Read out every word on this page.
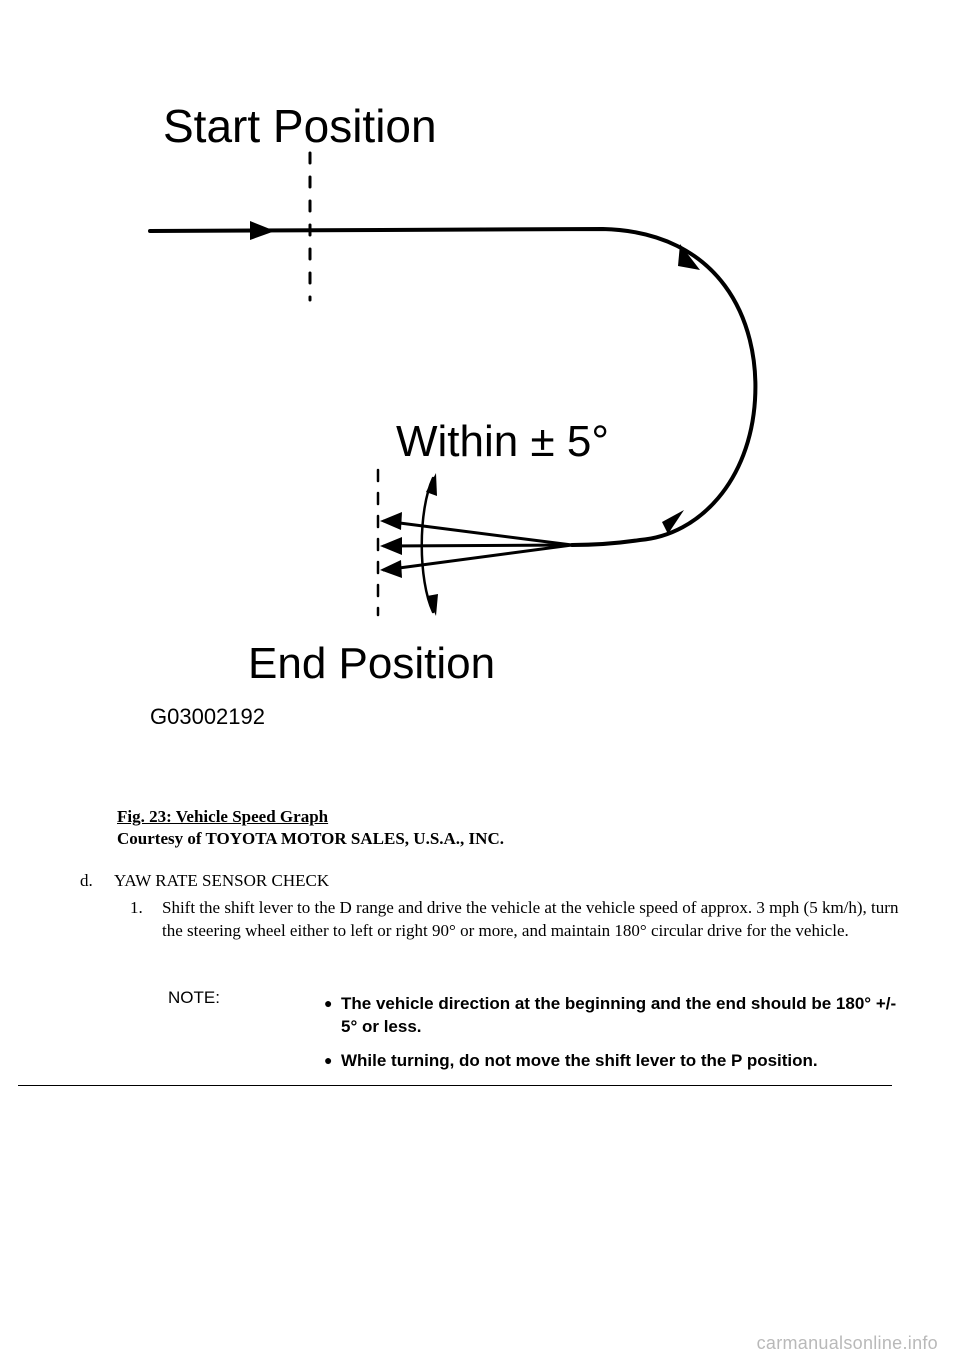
Start Position
Within ± 5°
End Position
G03002192
Fig. 23: Vehicle Speed Graph
Courtesy of TOYOTA MOTOR SALES, U.S.A., INC.
d. YAW RATE SENSOR CHECK
1. Shift the shift lever to the D range and drive the vehicle at the vehicle speed of approx. 3 mph (5 km/h), turn the steering wheel either to left or right 90° or more, and maintain 180° circular drive for the vehicle.
NOTE:	● The vehicle direction at the beginning and the end should be 180° +/- 5° or less.
● While turning, do not move the shift lever to the P position.
carmanualsonline.info
